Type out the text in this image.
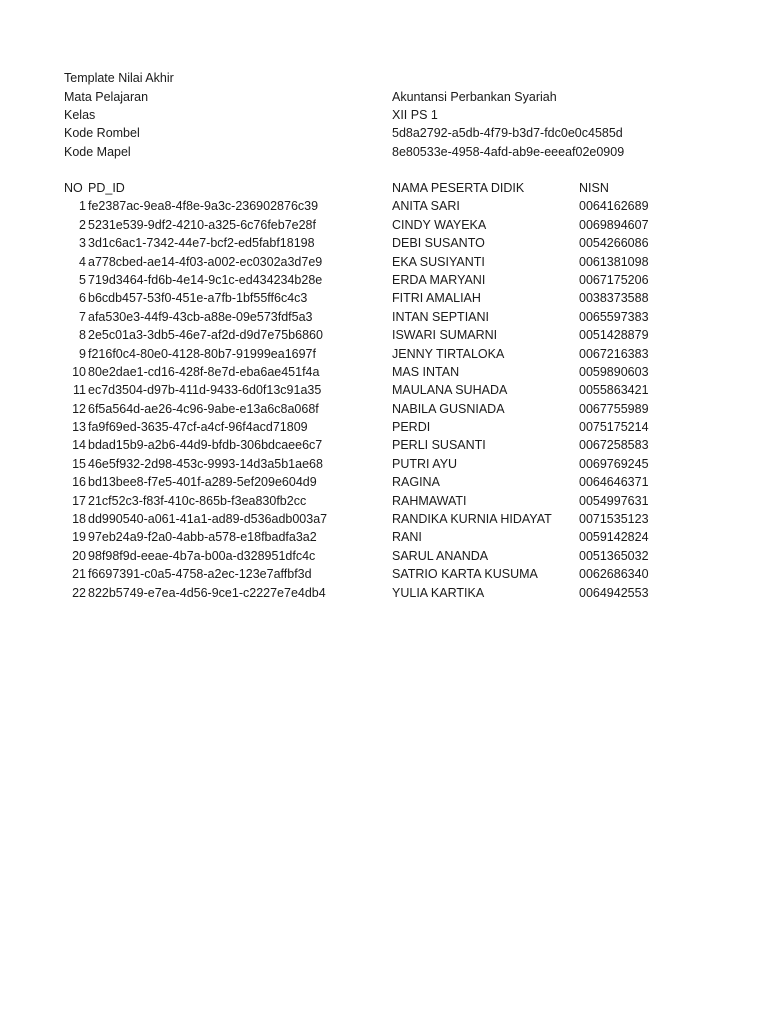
Template Nilai Akhir
Mata Pelajaran	Akuntansi Perbankan Syariah
Kelas	XII PS 1
Kode Rombel	5d8a2792-a5db-4f79-b3d7-fdc0e0c4585d
Kode Mapel	8e80533e-4958-4afd-ab9e-eeeaf02e0909
NO PD_ID	NAMA PESERTA DIDIK	NISN
1 fe2387ac-9ea8-4f8e-9a3c-236902876c39	ANITA SARI	0064162689
2 5231e539-9df2-4210-a325-6c76feb7e28f	CINDY WAYEKA	0069894607
3 3d1c6ac1-7342-44e7-bcf2-ed5fabf18198	DEBI SUSANTO	0054266086
4 a778cbed-ae14-4f03-a002-ec0302a3d7e9	EKA SUSIYANTI	0061381098
5 719d3464-fd6b-4e14-9c1c-ed434234b28e	ERDA MARYANI	0067175206
6 b6cdb457-53f0-451e-a7fb-1bf55ff6c4c3	FITRI AMALIAH	0038373588
7 afa530e3-44f9-43cb-a88e-09e573fdf5a3	INTAN SEPTIANI	0065597383
8 2e5c01a3-3db5-46e7-af2d-d9d7e75b6860	ISWARI SUMARNI	0051428879
9 f216f0c4-80e0-4128-80b7-91999ea1697f	JENNY TIRTALOKA	0067216383
10 80e2dae1-cd16-428f-8e7d-eba6ae451f4a	MAS INTAN	0059890603
11 ec7d3504-d97b-411d-9433-6d0f13c91a35	MAULANA SUHADA	0055863421
12 6f5a564d-ae26-4c96-9abe-e13a6c8a068f	NABILA GUSNIADA	0067755989
13 fa9f69ed-3635-47cf-a4cf-96f4acd71809	PERDI	0075175214
14 bdad15b9-a2b6-44d9-bfdb-306bdcaee6c7	PERLI SUSANTI	0067258583
15 46e5f932-2d98-453c-9993-14d3a5b1ae68	PUTRI AYU	0069769245
16 bd13bee8-f7e5-401f-a289-5ef209e604d9	RAGINA	0064646371
17 21cf52c3-f83f-410c-865b-f3ea830fb2cc	RAHMAWATI	0054997631
18 dd990540-a061-41a1-ad89-d536adb003a7	RANDIKA KURNIA HIDAYAT 0071535123
19 97eb24a9-f2a0-4abb-a578-e18fbadfa3a2	RANI	0059142824
20 98f98f9d-eeae-4b7a-b00a-d328951dfc4c	SARUL ANANDA	0051365032
21 f6697391-c0a5-4758-a2ec-123e7affbf3d	SATRIO KARTA KUSUMA	0062686340
22 822b5749-e7ea-4d56-9ce1-c2227e7e4db4	YULIA KARTIKA	0064942553
